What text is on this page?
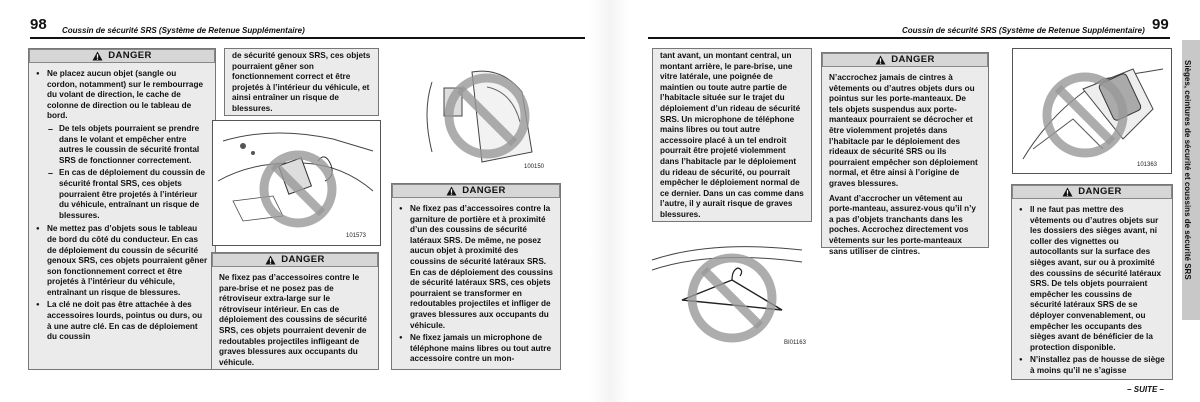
98 Coussin de sécurité SRS (Système de Retenue Supplémentaire)
DANGER
● Ne placez aucun objet (sangle ou cordon, notamment) sur le rembourrage du volant de direction, le cache de colonne de direction ou le tableau de bord.
– De tels objets pourraient se prendre dans le volant et empêcher entre autres le coussin de sécurité frontal SRS de fonctionner correctement.
– En cas de déploiement du coussin de sécurité frontal SRS, ces objets pourraient être projetés à l’intérieur du véhicule, entraînant un risque de blessures.
● Ne mettez pas d’objets sous le tableau de bord du côté du conducteur. En cas de déploiement du coussin de sécurité genoux SRS, ces objets pourraient gêner son fonctionnement correct et être projetés à l’intérieur du véhicule, entraînant un risque de blessures.
● La clé ne doit pas être attachée à des accessoires lourds, pointus ou durs, ou à une autre clé. En cas de déploiement du coussin
de sécurité genoux SRS, ces objets pourraient gêner son fonctionnement correct et être projetés à l’intérieur du véhicule, et ainsi entraîner un risque de blessures.
101573
DANGER
Ne fixez pas d’accessoires contre le pare-brise et ne posez pas de rétroviseur extra-large sur le rétroviseur intérieur. En cas de déploiement des coussins de sécurité SRS, ces objets pourraient devenir de redoutables projectiles infligeant de graves blessures aux occupants du véhicule.
100150
DANGER
● Ne fixez pas d’accessoires contre la garniture de portière et à proximité d’un des coussins de sécurité latéraux SRS. De même, ne posez aucun objet à proximité des coussins de sécurité latéraux SRS. En cas de déploiement des coussins de sécurité latéraux SRS, ces objets pourraient se transformer en redoutables projectiles et infliger de graves blessures aux occupants du véhicule.
● Ne fixez jamais un microphone de téléphone mains libres ou tout autre accessoire contre un mon-
Coussin de sécurité SRS (Système de Retenue Supplémentaire) 99
tant avant, un montant central, un montant arrière, le pare-brise, une vitre latérale, une poignée de maintien ou toute autre partie de l’habitacle située sur le trajet du déploiement d’un rideau de sécurité SRS. Un microphone de téléphone mains libres ou tout autre accessoire placé à un tel endroit pourrait être projeté violemment dans l’habitacle par le déploiement du rideau de sécurité, ou pourrait empêcher le déploiement normal de ce dernier. Dans un cas comme dans l’autre, il y aurait risque de graves blessures.
BI01163
DANGER
N’accrochez jamais de cintres à vêtements ou d’autres objets durs ou pointus sur les porte-manteaux. De tels objets suspendus aux porte-manteaux pourraient se décrocher et être violemment projetés dans l’habitacle par le déploiement des rideaux de sécurité SRS ou ils pourraient empêcher son déploiement normal, et être ainsi à l’origine de graves blessures.
Avant d’accrocher un vêtement au porte-manteau, assurez-vous qu’il n’y a pas d’objets tranchants dans les poches. Accrochez directement vos vêtements sur les porte-manteaux sans utiliser de cintres.
101363
DANGER
● Il ne faut pas mettre des vêtements ou d’autres objets sur les dossiers des sièges avant, ni coller des vignettes ou autocollants sur la surface des sièges avant, sur ou à proximité des coussins de sécurité latéraux SRS. De tels objets pourraient empêcher les coussins de sécurité latéraux SRS de se déployer convenablement, ou empêcher les occupants des sièges avant de bénéficier de la protection disponible.
● N’installez pas de housse de siège à moins qu’il ne s’agisse
Sièges, ceintures de sécurité et coussins de sécurité SRS
– SUITE –
